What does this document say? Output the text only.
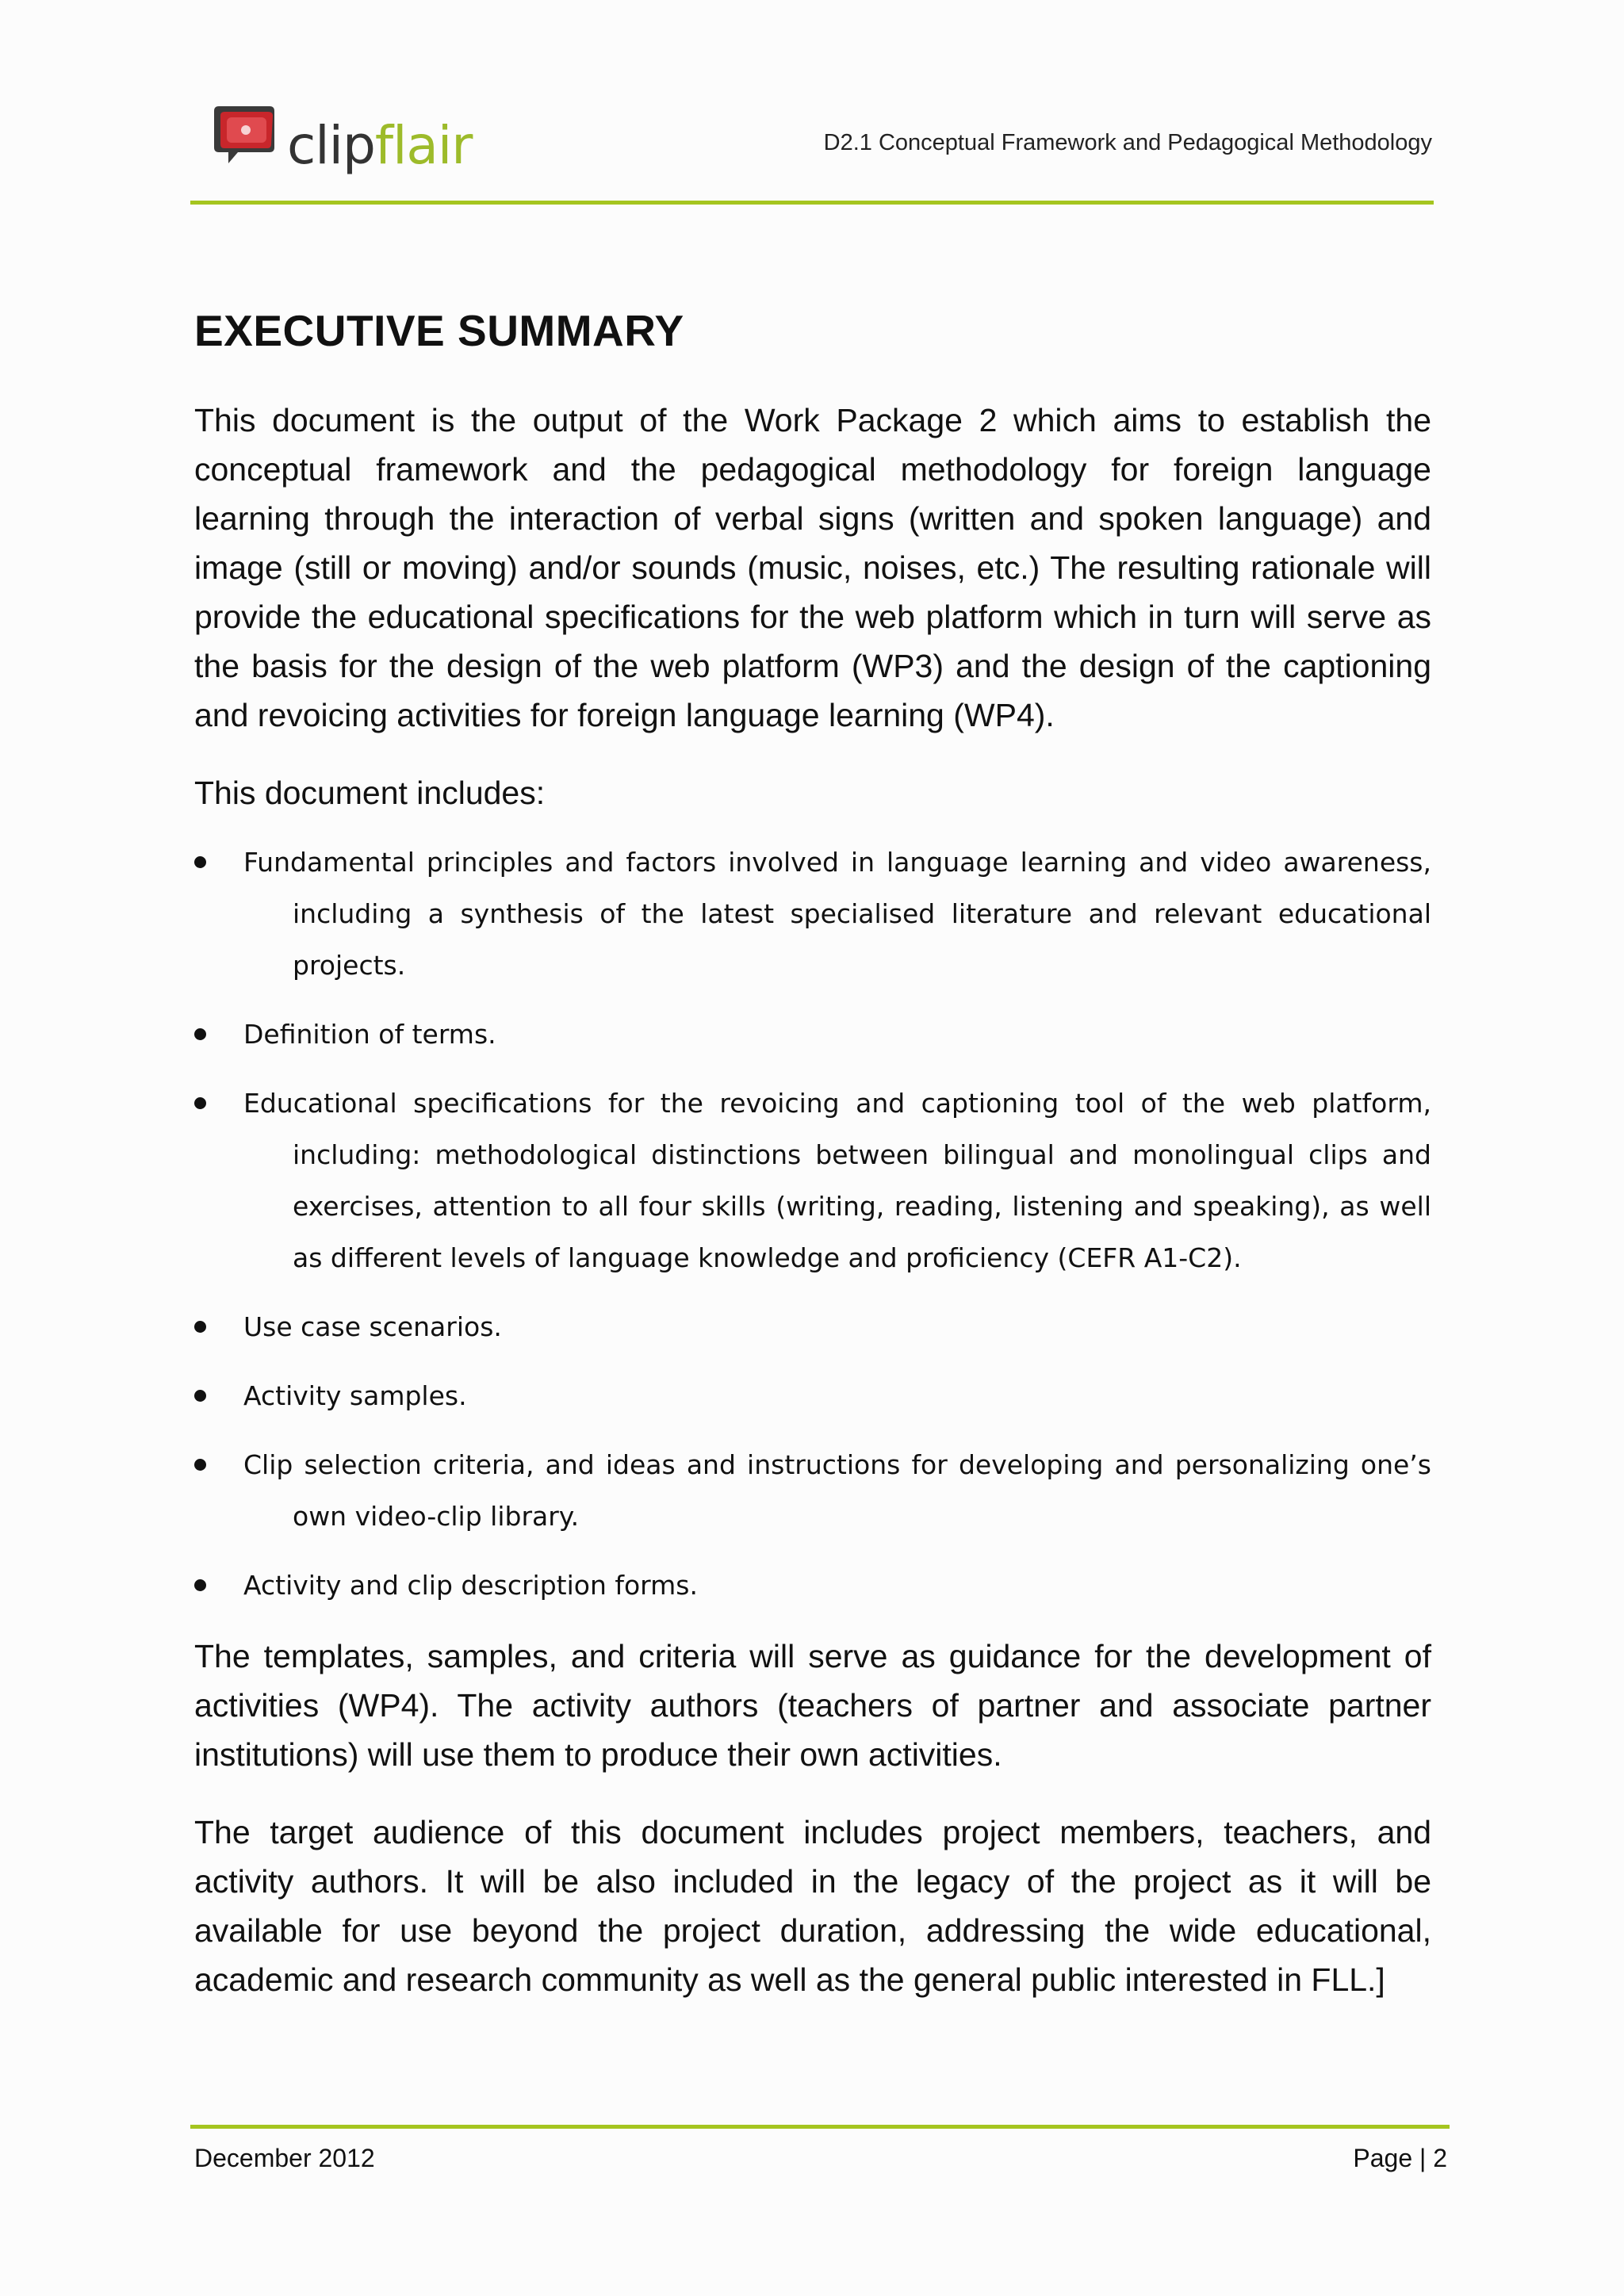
clipflair	D2.1 Conceptual Framework and Pedagogical Methodology
EXECUTIVE SUMMARY

This document is the output of the Work Package 2 which aims to establish the conceptual framework and the pedagogical methodology for foreign language learning through the interaction of verbal signs (written and spoken language) and image (still or moving) and/or sounds (music, noises, etc.) The resulting rationale will provide the educational specifications for the web platform which in turn will serve as the basis for the design of the web platform (WP3) and the design of the captioning and revoicing activities for foreign language learning (WP4).

This document includes:

Fundamental principles and factors involved in language learning and video awareness, including a synthesis of the latest specialised literature and relevant educational projects.
Definition of terms.
Educational specifications for the revoicing and captioning tool of the web platform, including: methodological distinctions between bilingual and monolingual clips and exercises, attention to all four skills (writing, reading, listening and speaking), as well as different levels of language knowledge and proficiency (CEFR A1-C2).
Use case scenarios.
Activity samples.
Clip selection criteria, and ideas and instructions for developing and personalizing one’s own video-clip library.
Activity and clip description forms.

The templates, samples, and criteria will serve as guidance for the development of activities (WP4). The activity authors (teachers of partner and associate partner institutions) will use them to produce their own activities.

The target audience of this document includes project members, teachers, and activity authors. It will be also included in the legacy of the project as it will be available for use beyond the project duration, addressing the wide educational, academic and research community as well as the general public interested in FLL.]

December 2012	Page | 2
